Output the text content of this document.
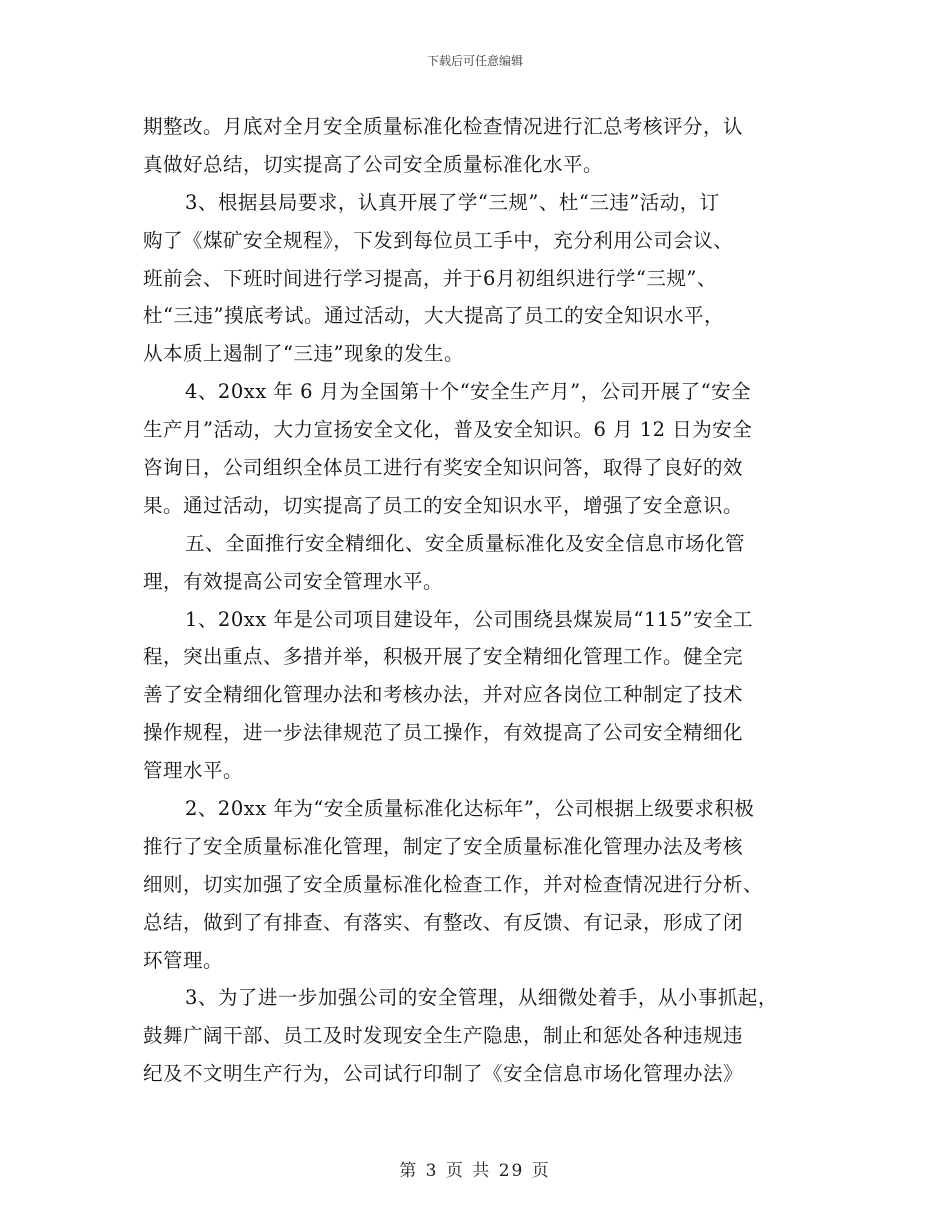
下载后可任意编辑
期整改。月底对全月安全质量标准化检查情况进行汇总考核评分，认
真做好总结，切实提高了公司安全质量标准化水平。
3、根据县局要求，认真开展了学“三规”、杜“三违”活动，订
购了《煤矿安全规程》，下发到每位员工手中，充分利用公司会议、
班前会、下班时间进行学习提高，并于6月初组织进行学“三规”、
杜“三违”摸底考试。通过活动，大大提高了员工的安全知识水平，
从本质上遏制了“三违”现象的发生。
4、20xx 年 6 月为全国第十个“安全生产月”，公司开展了“安全
生产月”活动，大力宣扬安全文化，普及安全知识。6 月 12 日为安全
咨询日，公司组织全体员工进行有奖安全知识问答，取得了良好的效
果。通过活动，切实提高了员工的安全知识水平，增强了安全意识。
五、全面推行安全精细化、安全质量标准化及安全信息市场化管
理，有效提高公司安全管理水平。
1、20xx 年是公司项目建设年，公司围绕县煤炭局“115”安全工
程，突出重点、多措并举，积极开展了安全精细化管理工作。健全完
善了安全精细化管理办法和考核办法，并对应各岗位工种制定了技术
操作规程，进一步法律规范了员工操作，有效提高了公司安全精细化
管理水平。
2、20xx 年为“安全质量标准化达标年”，公司根据上级要求积极
推行了安全质量标准化管理，制定了安全质量标准化管理办法及考核
细则，切实加强了安全质量标准化检查工作，并对检查情况进行分析、
总结，做到了有排查、有落实、有整改、有反馈、有记录，形成了闭
环管理。
3、为了进一步加强公司的安全管理，从细微处着手，从小事抓起，
鼓舞广阔干部、员工及时发现安全生产隐患，制止和惩处各种违规违
纪及不文明生产行为，公司试行印制了《安全信息市场化管理办法》
第 3 页 共 29 页
